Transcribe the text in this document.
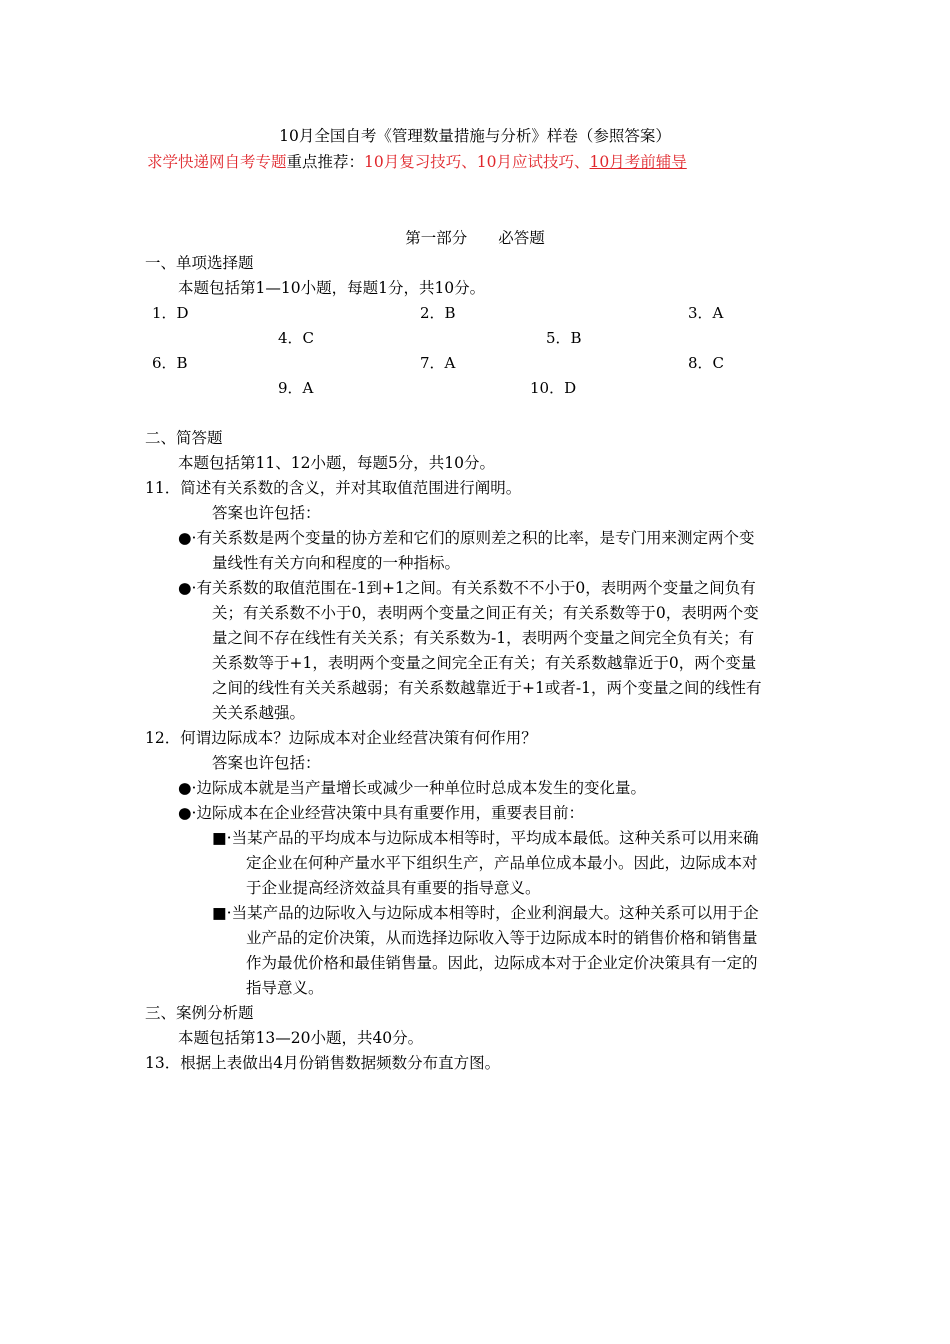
10月全国自考《管理数量措施与分析》样卷（参照答案）
求学快递网自考专题重点推荐：10月复习技巧、10月应试技巧、10月考前辅导
第一部分　　必答题
一、单项选择题
本题包括第1—10小题，每题1分，共10分。
1．D	2．B	3．A
4．C	5．B
6．B	7．A	8．C
9．A	10．D
二、简答题
本题包括第11、12小题，每题5分，共10分。
11．简述有关系数的含义，并对其取值范围进行阐明。
答案也许包括：
●·有关系数是两个变量的协方差和它们的原则差之积的比率，是专门用来测定两个变
量线性有关方向和程度的一种指标。
●·有关系数的取值范围在-1到+1之间。有关系数不不小于0，表明两个变量之间负有
关；有关系数不小于0，表明两个变量之间正有关；有关系数等于0，表明两个变
量之间不存在线性有关关系；有关系数为-1，表明两个变量之间完全负有关；有
关系数等于+1，表明两个变量之间完全正有关；有关系数越靠近于0，两个变量
之间的线性有关关系越弱；有关系数越靠近于+1或者-1，两个变量之间的线性有
关关系越强。
12．何谓边际成本？边际成本对企业经营决策有何作用？
答案也许包括：
●·边际成本就是当产量增长或减少一种单位时总成本发生的变化量。
●·边际成本在企业经营决策中具有重要作用，重要表目前：
■·当某产品的平均成本与边际成本相等时，平均成本最低。这种关系可以用来确
定企业在何种产量水平下组织生产，产品单位成本最小。因此，边际成本对
于企业提高经济效益具有重要的指导意义。
■·当某产品的边际收入与边际成本相等时，企业利润最大。这种关系可以用于企
业产品的定价决策，从而选择边际收入等于边际成本时的销售价格和销售量
作为最优价格和最佳销售量。因此，边际成本对于企业定价决策具有一定的
指导意义。
三、案例分析题
本题包括第13—20小题，共40分。
13．根据上表做出4月份销售数据频数分布直方图。
